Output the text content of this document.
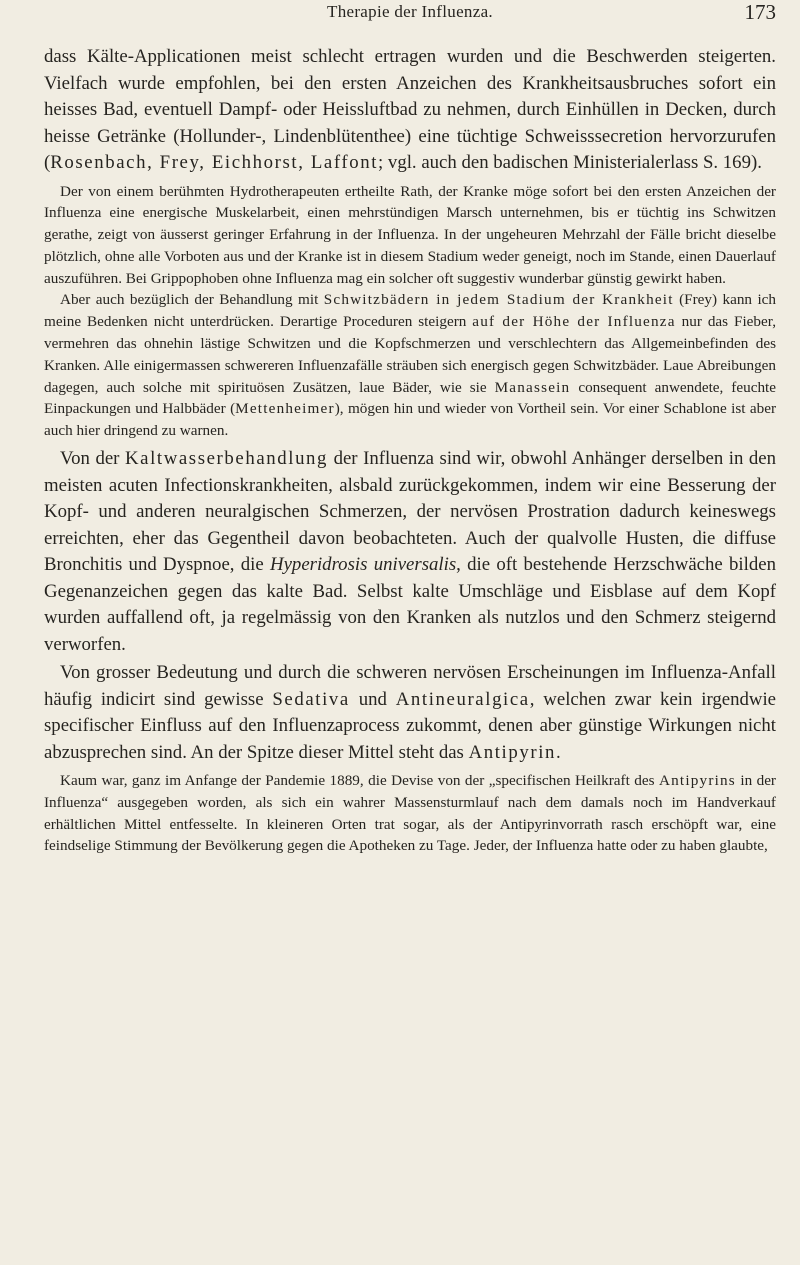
Therapie der Influenza.	173

dass Kälte-Applicationen meist schlecht ertragen wurden und die Beschwerden steigerten. Vielfach wurde empfohlen, bei den ersten Anzeichen des Krankheitsausbruches sofort ein heisses Bad, eventuell Dampf- oder Heissluftbad zu nehmen, durch Einhüllen in Decken, durch heisse Getränke (Hollunder-, Lindenblütenthee) eine tüchtige Schweisssecretion hervorzurufen (Rosenbach, Frey, Eichhorst, Laffont; vgl. auch den badischen Ministerialerlass S. 169).

Der von einem berühmten Hydrotherapeuten ertheilte Rath, der Kranke möge sofort bei den ersten Anzeichen der Influenza eine energische Muskelarbeit, einen mehrstündigen Marsch unternehmen, bis er tüchtig ins Schwitzen gerathe, zeigt von äusserst geringer Erfahrung in der Influenza. In der ungeheuren Mehrzahl der Fälle bricht dieselbe plötzlich, ohne alle Vorboten aus und der Kranke ist in diesem Stadium weder geneigt, noch im Stande, einen Dauerlauf auszuführen. Bei Grippophoben ohne Influenza mag ein solcher oft suggestiv wunderbar günstig gewirkt haben.

Aber auch bezüglich der Behandlung mit Schwitzbädern in jedem Stadium der Krankheit (Frey) kann ich meine Bedenken nicht unterdrücken. Derartige Proceduren steigern auf der Höhe der Influenza nur das Fieber, vermehren das ohnehin lästige Schwitzen und die Kopfschmerzen und verschlechtern das Allgemeinbefinden des Kranken. Alle einigermassen schwereren Influenzafälle sträuben sich energisch gegen Schwitzbäder. Laue Abreibungen dagegen, auch solche mit spirituösen Zusätzen, laue Bäder, wie sie Manassein consequent anwendete, feuchte Einpackungen und Halbbäder (Mettenheimer), mögen hin und wieder von Vortheil sein. Vor einer Schablone ist aber auch hier dringend zu warnen.

Von der Kaltwasserbehandlung der Influenza sind wir, obwohl Anhänger derselben in den meisten acuten Infectionskrankheiten, alsbald zurückgekommen, indem wir eine Besserung der Kopf- und anderen neuralgischen Schmerzen, der nervösen Prostration dadurch keineswegs erreichten, eher das Gegentheil davon beobachteten. Auch der qualvolle Husten, die diffuse Bronchitis und Dyspnoe, die Hyperidrosis universalis, die oft bestehende Herzschwäche bilden Gegenanzeichen gegen das kalte Bad. Selbst kalte Umschläge und Eisblase auf dem Kopf wurden auffallend oft, ja regelmässig von den Kranken als nutzlos und den Schmerz steigernd verworfen.

Von grosser Bedeutung und durch die schweren nervösen Erscheinungen im Influenza-Anfall häufig indicirt sind gewisse Sedativa und Antineuralgica, welchen zwar kein irgendwie specifischer Einfluss auf den Influenzaprocess zukommt, denen aber günstige Wirkungen nicht abzusprechen sind. An der Spitze dieser Mittel steht das Antipyrin.

Kaum war, ganz im Anfange der Pandemie 1889, die Devise von der „specifischen Heilkraft des Antipyrins in der Influenza“ ausgegeben worden, als sich ein wahrer Massensturmlauf nach dem damals noch im Handverkauf erhältlichen Mittel entfesselte. In kleineren Orten trat sogar, als der Antipyrinvorrath rasch erschöpft war, eine feindselige Stimmung der Bevölkerung gegen die Apotheken zu Tage. Jeder, der Influenza hatte oder zu haben glaubte,
